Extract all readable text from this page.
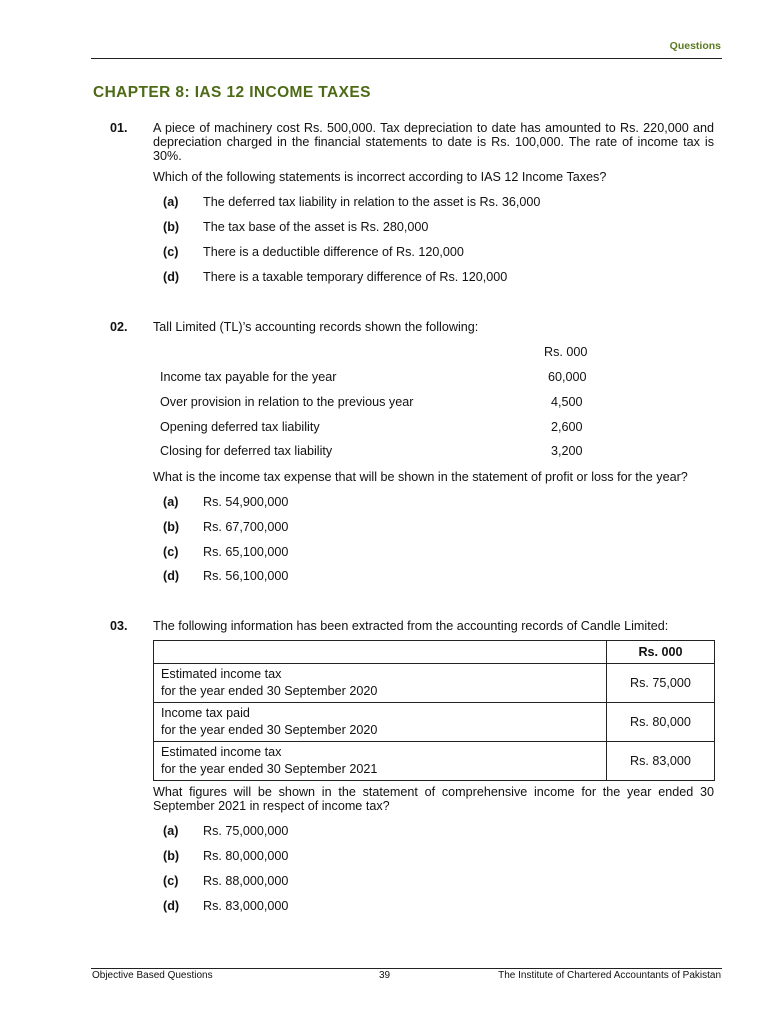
Questions
CHAPTER 8: IAS 12 INCOME TAXES
01. A piece of machinery cost Rs. 500,000. Tax depreciation to date has amounted to Rs. 220,000 and depreciation charged in the financial statements to date is Rs. 100,000. The rate of income tax is 30%.
Which of the following statements is incorrect according to IAS 12 Income Taxes?
(a) The deferred tax liability in relation to the asset is Rs. 36,000
(b) The tax base of the asset is Rs. 280,000
(c) There is a deductible difference of Rs. 120,000
(d) There is a taxable temporary difference of Rs. 120,000
02. Tall Limited (TL)’s accounting records shown the following:
Rs. 000
Income tax payable for the year	60,000
Over provision in relation to the previous year	4,500
Opening deferred tax liability	2,600
Closing for deferred tax liability	3,200
What is the income tax expense that will be shown in the statement of profit or loss for the year?
(a) Rs. 54,900,000
(b) Rs. 67,700,000
(c) Rs. 65,100,000
(d) Rs. 56,100,000
03. The following information has been extracted from the accounting records of Candle Limited:
	Rs. 000

Estimated income tax
for the year ended 30 September 2020	Rs. 75,000

Income tax paid
for the year ended 30 September 2020	Rs. 80,000

Estimated income tax
for the year ended 30 September 2021	Rs. 83,000
What figures will be shown in the statement of comprehensive income for the year ended 30 September 2021 in respect of income tax?
(a) Rs. 75,000,000
(b) Rs. 80,000,000
(c) Rs. 88,000,000
(d) Rs. 83,000,000
Objective Based Questions	39	The Institute of Chartered Accountants of Pakistan
